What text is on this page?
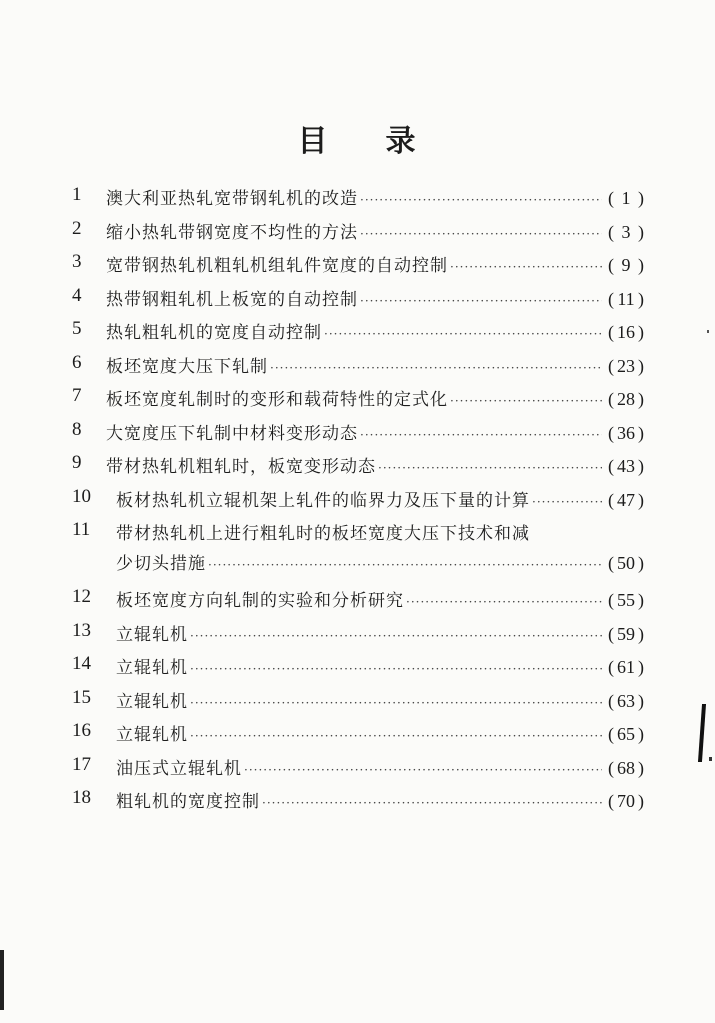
目 录
1	澳大利亚热轧宽带钢轧机的改造 ·····	( 1 )
2	缩小热轧带钢宽度不均性的方法 ·····	( 3 )
3	宽带钢热轧机粗轧机组轧件宽度的自动控制 ·····	( 9 )
4	热带钢粗轧机上板宽的自动控制 ·····	( 11 )
5	热轧粗轧机的宽度自动控制 ·····	( 16 )
6	板坯宽度大压下轧制 ·····	( 23 )
7	板坯宽度轧制时的变形和载荷特性的定式化 ·····	( 28 )
8	大宽度压下轧制中材料变形动态 ·····	( 36 )
9	带材热轧机粗轧时，板宽变形动态 ·····	( 43 )
10	板材热轧机立辊机架上轧件的临界力及压下量的计算 ·····	( 47 )
11	带材热轧机上进行粗轧时的板坯宽度大压下技术和减
少切头措施 ·····	( 50 )
12	板坯宽度方向轧制的实验和分析研究 ·····	( 55 )
13	立辊轧机 ·····	( 59 )
14	立辊轧机 ·····	( 61 )
15	立辊轧机 ·····	( 63 )
16	立辊轧机 ·····	( 65 )
17	油压式立辊轧机 ·····	( 68 )
18	粗轧机的宽度控制 ·····	( 70 )
